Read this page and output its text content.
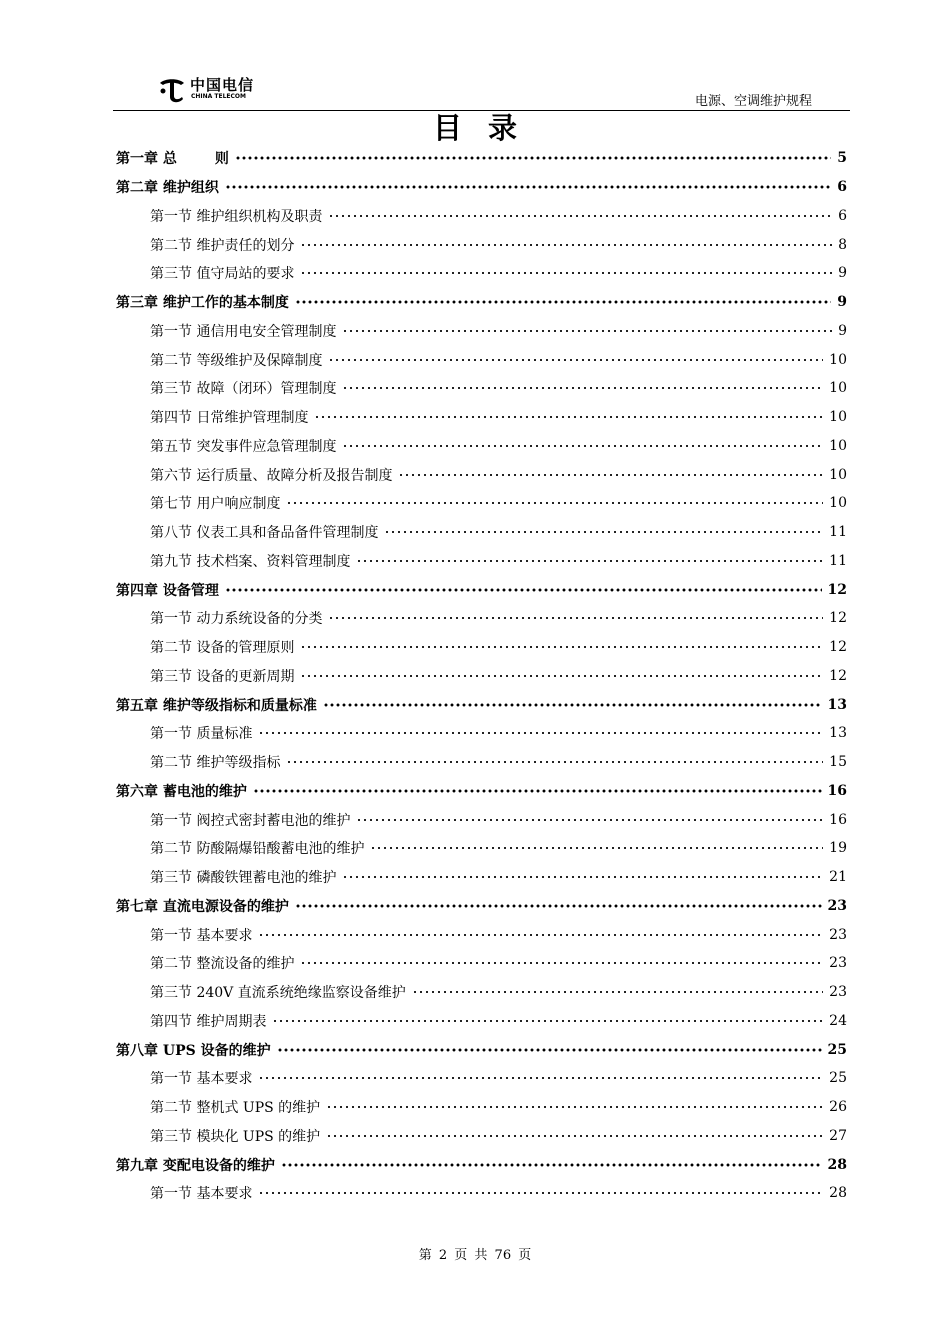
中国电信
CHINA TELECOM	电源、空调维护规程
目录
第一章 总	则	5
第二章 维护组织	6
第一节 维护组织机构及职责	6
第二节 维护责任的划分	8
第三节 值守局站的要求	9
第三章 维护工作的基本制度	9
第一节 通信用电安全管理制度	9
第二节 等级维护及保障制度	10
第三节 故障（闭环）管理制度	10
第四节 日常维护管理制度	10
第五节 突发事件应急管理制度	10
第六节 运行质量、故障分析及报告制度	10
第七节 用户响应制度	10
第八节 仪表工具和备品备件管理制度	11
第九节 技术档案、资料管理制度	11
第四章 设备管理	12
第一节 动力系统设备的分类	12
第二节 设备的管理原则	12
第三节 设备的更新周期	12
第五章 维护等级指标和质量标准	13
第一节 质量标准	13
第二节 维护等级指标	15
第六章 蓄电池的维护	16
第一节 阀控式密封蓄电池的维护	16
第二节 防酸隔爆铅酸蓄电池的维护	19
第三节 磷酸铁锂蓄电池的维护	21
第七章 直流电源设备的维护	23
第一节 基本要求	23
第二节 整流设备的维护	23
第三节 240V 直流系统绝缘监察设备维护	23
第四节 维护周期表	24
第八章 UPS 设备的维护	25
第一节 基本要求	25
第二节 整机式 UPS 的维护	26
第三节 模块化 UPS 的维护	27
第九章 变配电设备的维护	28
第一节 基本要求	28
第 2 页 共 76 页
